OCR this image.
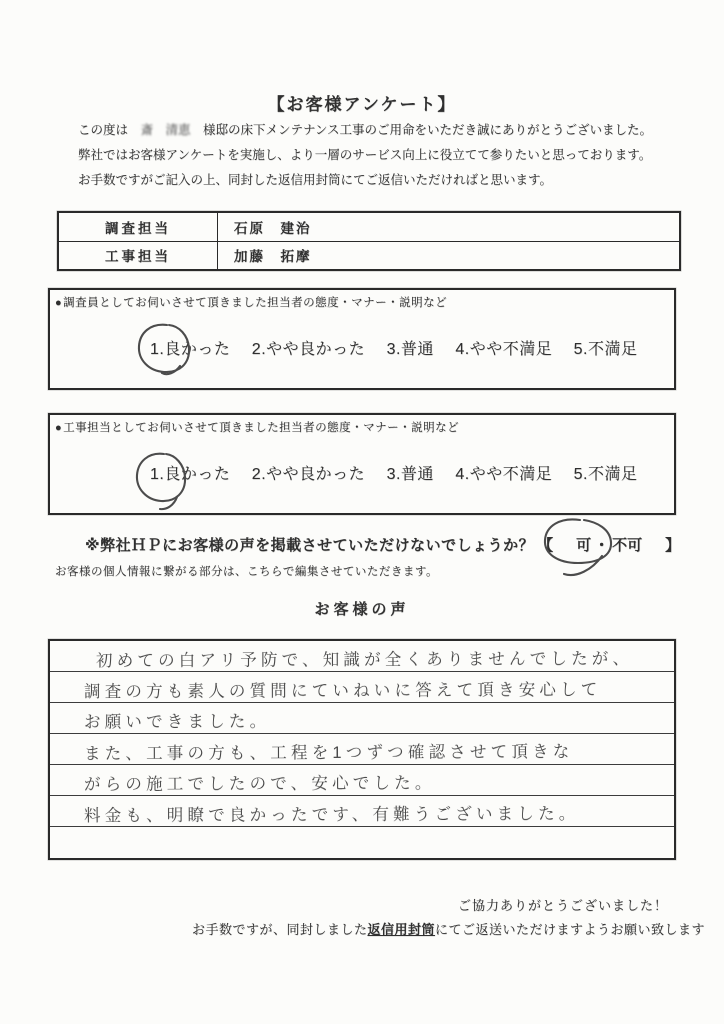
【お客様アンケート】

この度は　斎　清恵　様邸の床下メンテナンス工事のご用命をいただき誠にありがとうございました。

弊社ではお客様アンケートを実施し、より一層のサービス向上に役立てて参りたいと思っております。

お手数ですがご記入の上、同封した返信用封筒にてご返信いただければと思います。

調査担当	石原　建治
工事担当	加藤　拓摩
●調査員としてお伺いさせて頂きました担当者の態度・マナー・説明など
1.良かった　 2.やや良かった　 3.普通　 4.やや不満足　 5.不満足
●工事担当としてお伺いさせて頂きました担当者の態度・マナー・説明など
1.良かった　 2.やや良かった　 3.普通　 4.やや不満足　 5.不満足
※弊社ＨＰにお客様の声を掲載させていただけないでしょうか？ 【 可 ・ 不可 】
お客様の個人情報に繋がる部分は、こちらで編集させていただきます。
お客様の声
初めての白アリ予防で、知識が全くありませんでしたが、
調査の方も素人の質問にていねいに答えて頂き安心して
お願いできました。
また、工事の方も、工程を1つずつ確認させて頂きな
がらの施工でしたので、安心でした。
料金も、明瞭で良かったです、有難うございました。
ご協力ありがとうございました！
お手数ですが、同封しました返信用封筒にてご返送いただけますようお願い致します
